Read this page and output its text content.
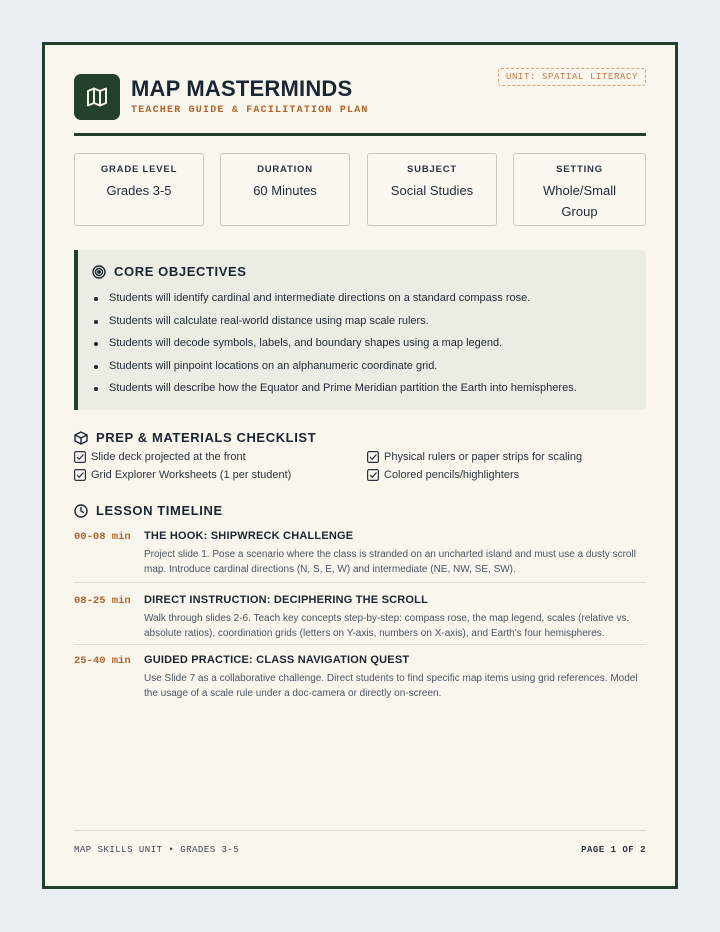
MAP MASTERMINDS
TEACHER GUIDE & FACILITATION PLAN
UNIT: SPATIAL LITERACY
GRADE LEVEL
Grades 3-5
DURATION
60 Minutes
SUBJECT
Social Studies
SETTING
Whole/Small Group
CORE OBJECTIVES
Students will identify cardinal and intermediate directions on a standard compass rose.
Students will calculate real-world distance using map scale rulers.
Students will decode symbols, labels, and boundary shapes using a map legend.
Students will pinpoint locations on an alphanumeric coordinate grid.
Students will describe how the Equator and Prime Meridian partition the Earth into hemispheres.
PREP & MATERIALS CHECKLIST
Slide deck projected at the front	Physical rulers or paper strips for scaling
Grid Explorer Worksheets (1 per student)	Colored pencils/highlighters
LESSON TIMELINE
00-08 min THE HOOK: SHIPWRECK CHALLENGE
Project slide 1. Pose a scenario where the class is stranded on an uncharted island and must use a dusty scroll map. Introduce cardinal directions (N, S, E, W) and intermediate (NE, NW, SE, SW).
08-25 min DIRECT INSTRUCTION: DECIPHERING THE SCROLL
Walk through slides 2-6. Teach key concepts step-by-step: compass rose, the map legend, scales (relative vs. absolute ratios), coordination grids (letters on Y-axis, numbers on X-axis), and Earth's four hemispheres.
25-40 min GUIDED PRACTICE: CLASS NAVIGATION QUEST
Use Slide 7 as a collaborative challenge. Direct students to find specific map items using grid references. Model the usage of a scale rule under a doc-camera or directly on-screen.
MAP SKILLS UNIT • GRADES 3-5	PAGE 1 OF 2
